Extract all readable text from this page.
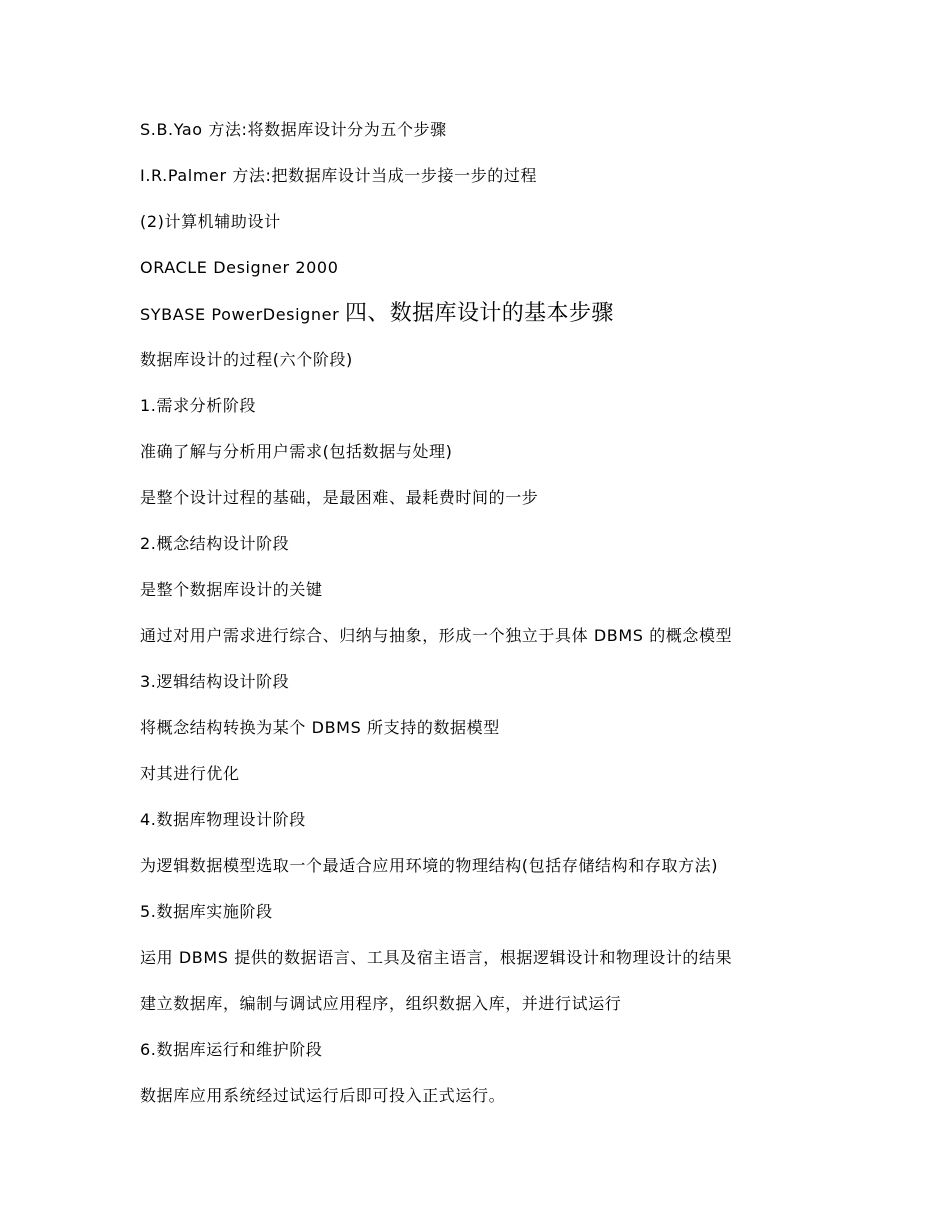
S.B.Yao 方法:将数据库设计分为五个步骤
I.R.Palmer 方法:把数据库设计当成一步接一步的过程
(2)计算机辅助设计
ORACLE Designer 2000
SYBASE PowerDesigner 四、数据库设计的基本步骤
数据库设计的过程(六个阶段)
1.需求分析阶段
准确了解与分析用户需求(包括数据与处理)
是整个设计过程的基础，是最困难、最耗费时间的一步
2.概念结构设计阶段
是整个数据库设计的关键
通过对用户需求进行综合、归纳与抽象，形成一个独立于具体 DBMS 的概念模型
3.逻辑结构设计阶段
将概念结构转换为某个 DBMS 所支持的数据模型
对其进行优化
4.数据库物理设计阶段
为逻辑数据模型选取一个最适合应用环境的物理结构(包括存储结构和存取方法)
5.数据库实施阶段
运用 DBMS 提供的数据语言、工具及宿主语言，根据逻辑设计和物理设计的结果
建立数据库，编制与调试应用程序，组织数据入库，并进行试运行
6.数据库运行和维护阶段
数据库应用系统经过试运行后即可投入正式运行。
